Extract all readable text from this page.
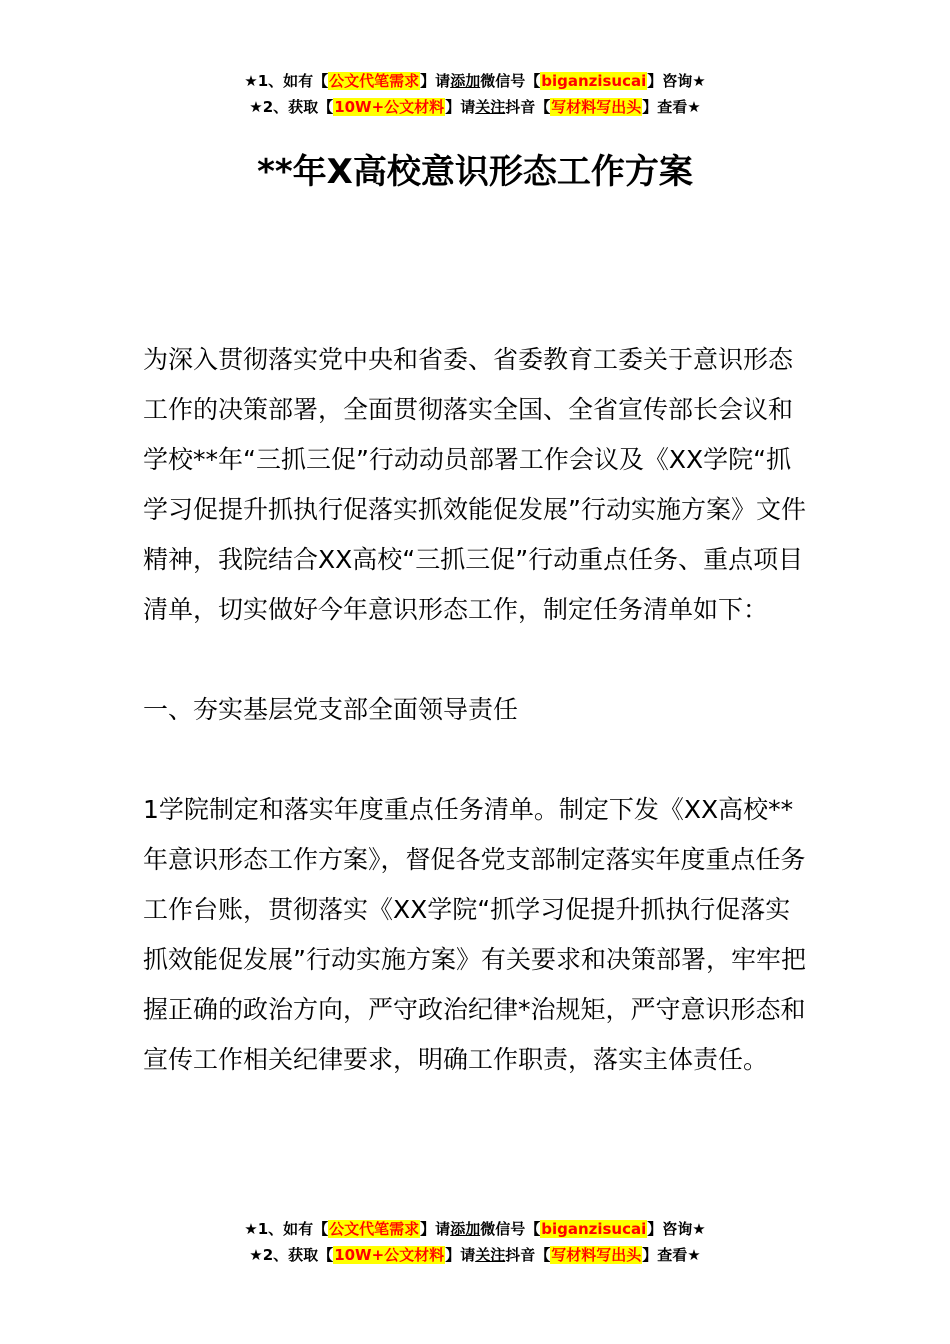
★1、如有【公文代笔需求】请添加微信号【biganzisucai】咨询★
★2、获取【10W+公文材料】请关注抖音【写材料写出头】查看★
**年X高校意识形态工作方案

为深入贯彻落实党中央和省委、省委教育工委关于意识形态工作的决策部署，全面贯彻落实全国、全省宣传部长会议和学校**年“三抓三促”行动动员部署工作会议及《XX学院“抓学习促提升抓执行促落实抓效能促发展”行动实施方案》文件精神，我院结合XX高校“三抓三促”行动重点任务、重点项目清单，切实做好今年意识形态工作，制定任务清单如下：

一、夯实基层党支部全面领导责任

1学院制定和落实年度重点任务清单。制定下发《XX高校**年意识形态工作方案》，督促各党支部制定落实年度重点任务工作台账，贯彻落实《XX学院“抓学习促提升抓执行促落实抓效能促发展”行动实施方案》有关要求和决策部署，牢牢把握正确的政治方向，严守政治纪律*治规矩，严守意识形态和宣传工作相关纪律要求，明确工作职责，落实主体责任。

★1、如有【公文代笔需求】请添加微信号【biganzisucai】咨询★
★2、获取【10W+公文材料】请关注抖音【写材料写出头】查看★
